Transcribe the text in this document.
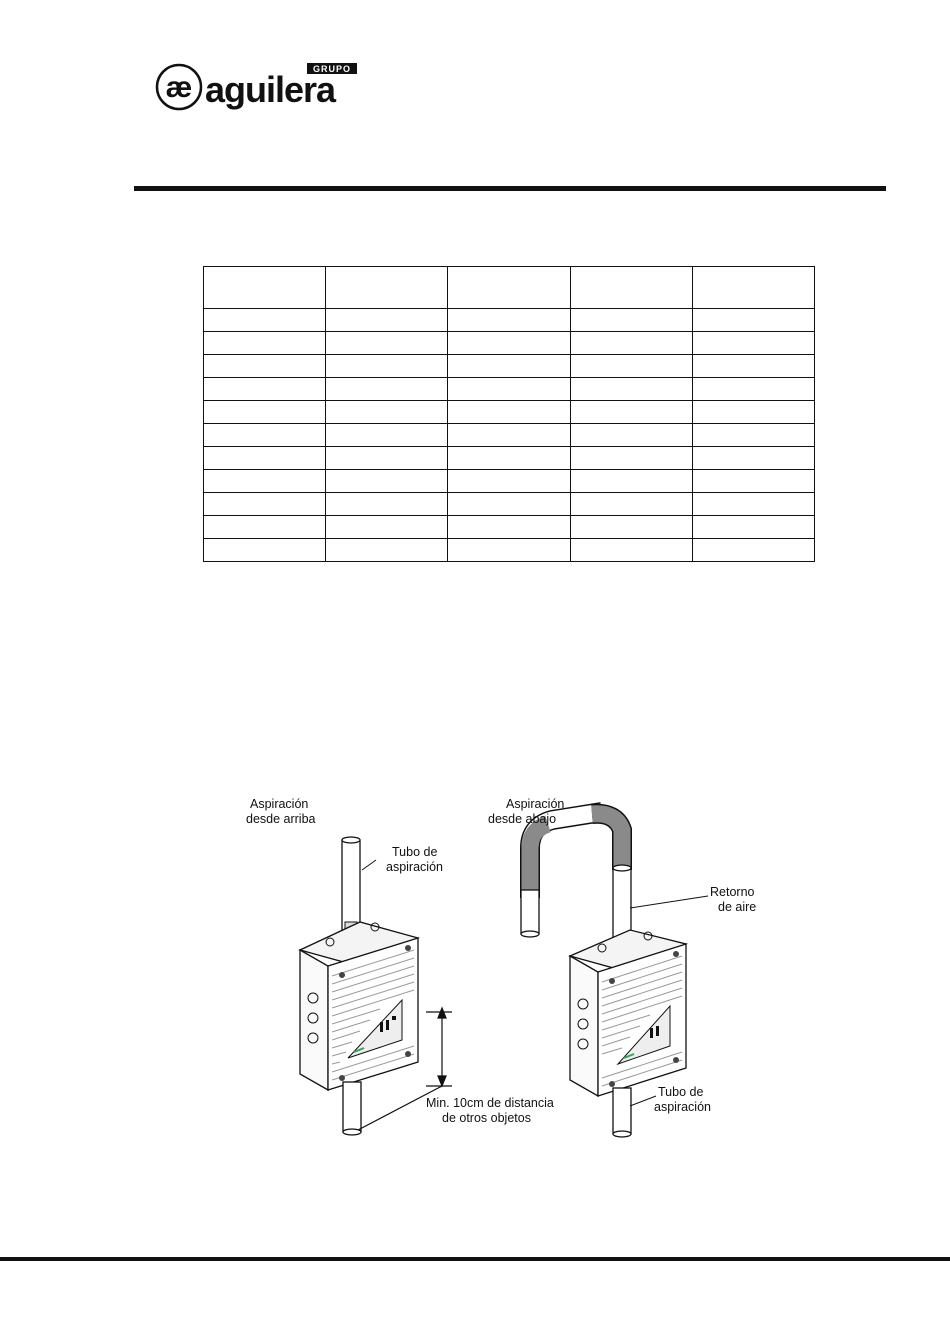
æ
GRUPO
aguilera

Aspiración
desde arriba
Tubo de
aspiración
Aspiración
desde abajo
Retorno
de aire
Min. 10cm de distancia
de otros objetos
Tubo de
aspiración
